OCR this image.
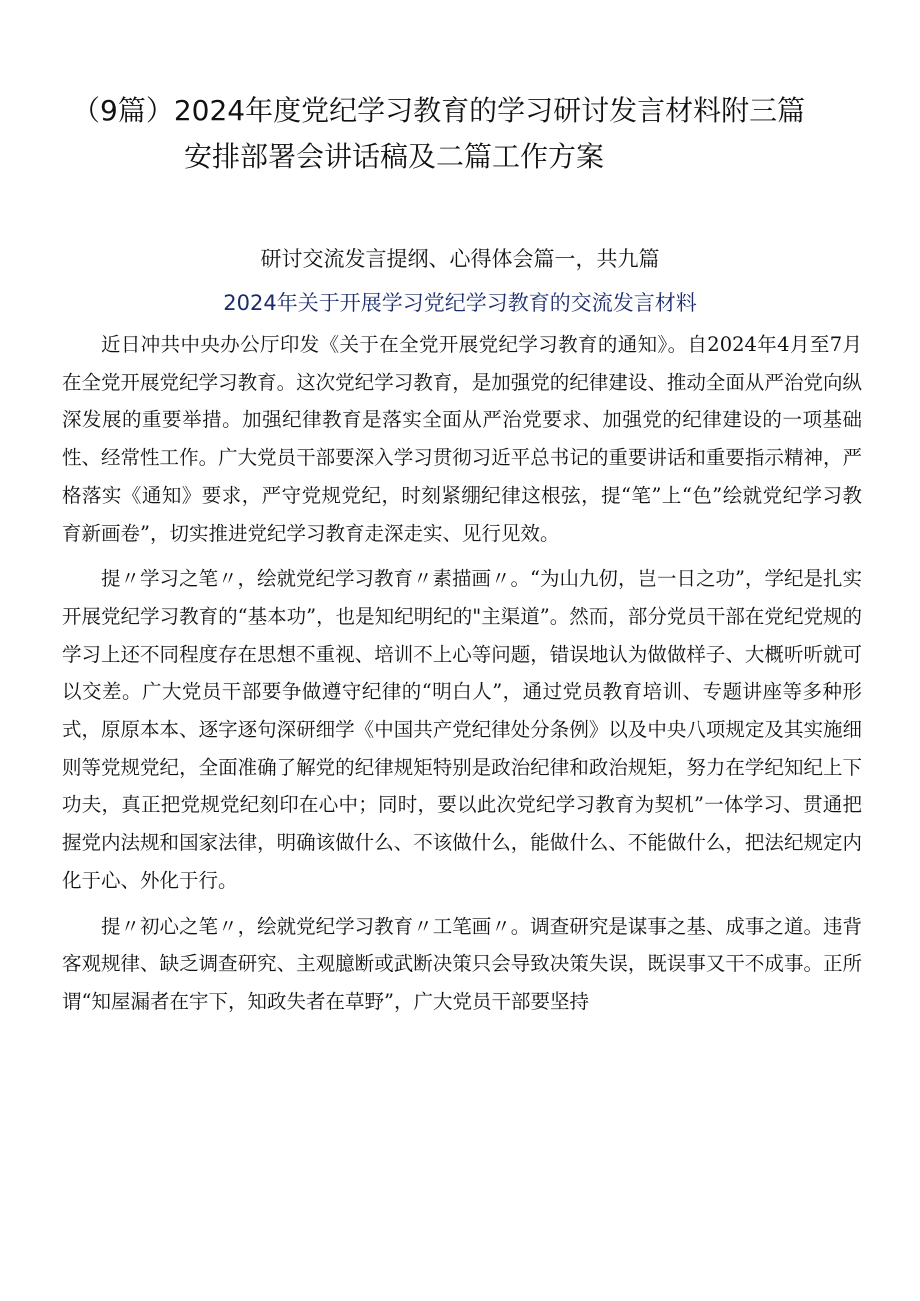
（9篇）2024年度党纪学习教育的学习研讨发言材料附三篇
安排部署会讲话稿及二篇工作方案
研讨交流发言提纲、心得体会篇一，共九篇
2024年关于开展学习党纪学习教育的交流发言材料

近日冲共中央办公厅印发《关于在全党开展党纪学习教育的通知》。自2024年4月至7月在全党开展党纪学习教育。这次党纪学习教育，是加强党的纪律建设、推动全面从严治党向纵深发展的重要举措。加强纪律教育是落实全面从严治党要求、加强党的纪律建设的一项基础性、经常性工作。广大党员干部要深入学习贯彻习近平总书记的重要讲话和重要指示精神，严格落实《通知》要求，严守党规党纪，时刻紧绷纪律这根弦，提“笔”上“色”绘就党纪学习教育新画卷”，切实推进党纪学习教育走深走实、见行见效。

提〃学习之笔〃，绘就党纪学习教育〃素描画〃。“为山九仞，岂一日之功”，学纪是扎实开展党纪学习教育的“基本功”，也是知纪明纪的"主渠道”。然而，部分党员干部在党纪党规的学习上还不同程度存在思想不重视、培训不上心等问题，错误地认为做做样子、大概听听就可以交差。广大党员干部要争做遵守纪律的“明白人”，通过党员教育培训、专题讲座等多种形式，原原本本、逐字逐句深研细学《中国共产党纪律处分条例》以及中央八项规定及其实施细则等党规党纪，全面准确了解党的纪律规矩特别是政治纪律和政治规矩，努力在学纪知纪上下功夫，真正把党规党纪刻印在心中；同时，要以此次党纪学习教育为契机”一体学习、贯通把握党内法规和国家法律，明确该做什么、不该做什么，能做什么、不能做什么，把法纪规定内化于心、外化于行。

提〃初心之笔〃，绘就党纪学习教育〃工笔画〃。调查研究是谋事之基、成事之道。违背客观规律、缺乏调查研究、主观臆断或武断决策只会导致决策失误，既误事又干不成事。正所谓“知屋漏者在宇下，知政失者在草野”，广大党员干部要坚持
